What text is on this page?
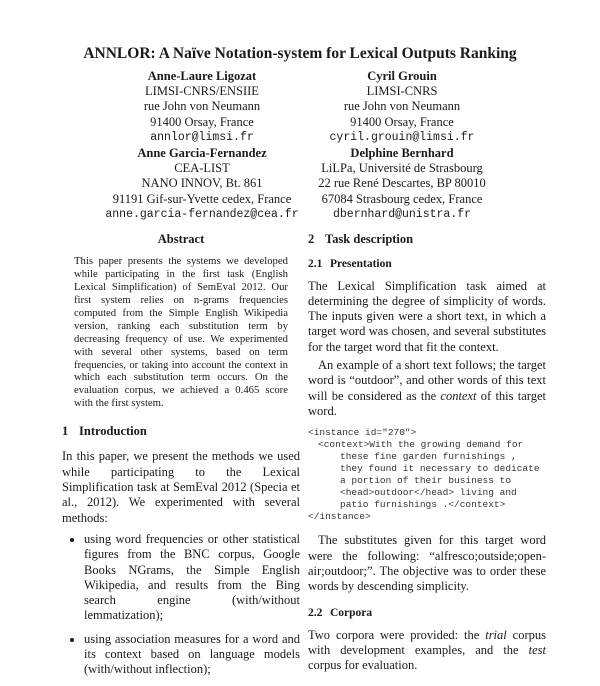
ANNLOR: A Naïve Notation-system for Lexical Outputs Ranking
Anne-Laure Ligozat
LIMSI-CNRS/ENSIIE
rue John von Neumann
91400 Orsay, France
annlor@limsi.fr
Cyril Grouin
LIMSI-CNRS
rue John von Neumann
91400 Orsay, France
cyril.grouin@limsi.fr
Anne Garcia-Fernandez
CEA-LIST
NANO INNOV, Bt. 861
91191 Gif-sur-Yvette cedex, France
anne.garcia-fernandez@cea.fr
Delphine Bernhard
LiLPa, Université de Strasbourg
22 rue René Descartes, BP 80010
67084 Strasbourg cedex, France
dbernhard@unistra.fr
Abstract
This paper presents the systems we developed while participating in the first task (English Lexical Simplification) of SemEval 2012. Our first system relies on n-grams frequencies computed from the Simple English Wikipedia version, ranking each substitution term by decreasing frequency of use. We experimented with several other systems, based on term frequencies, or taking into account the context in which each substitution term occurs. On the evaluation corpus, we achieved a 0.465 score with the first system.
1 Introduction

In this paper, we present the methods we used while participating to the Lexical Simplification task at SemEval 2012 (Specia et al., 2012). We experimented with several methods:

• using word frequencies or other statistical figures from the BNC corpus, Google Books NGrams, the Simple English Wikipedia, and results from the Bing search engine (with/without lemmatization);
• using association measures for a word and its context based on language models (with/without inflection);
2 Task description
2.1 Presentation

The Lexical Simplification task aimed at determining the degree of simplicity of words. The inputs given were a short text, in which a target word was chosen, and several substitutes for the target word that fit the context.

An example of a short text follows; the target word is “outdoor”, and other words of this text will be considered as the context of this target word.

<instance id="270">
<context>With the growing demand for
these fine garden furnishings ,
they found it necessary to dedicate
a portion of their business to
<head>outdoor</head> living and
patio furnishings .</context>
</instance>

The substitutes given for this target word were the following: “alfresco;outside;open-air;outdoor;”. The objective was to order these words by descending simplicity.

2.2 Corpora

Two corpora were provided: the trial corpus with development examples, and the test corpus for evaluation.
